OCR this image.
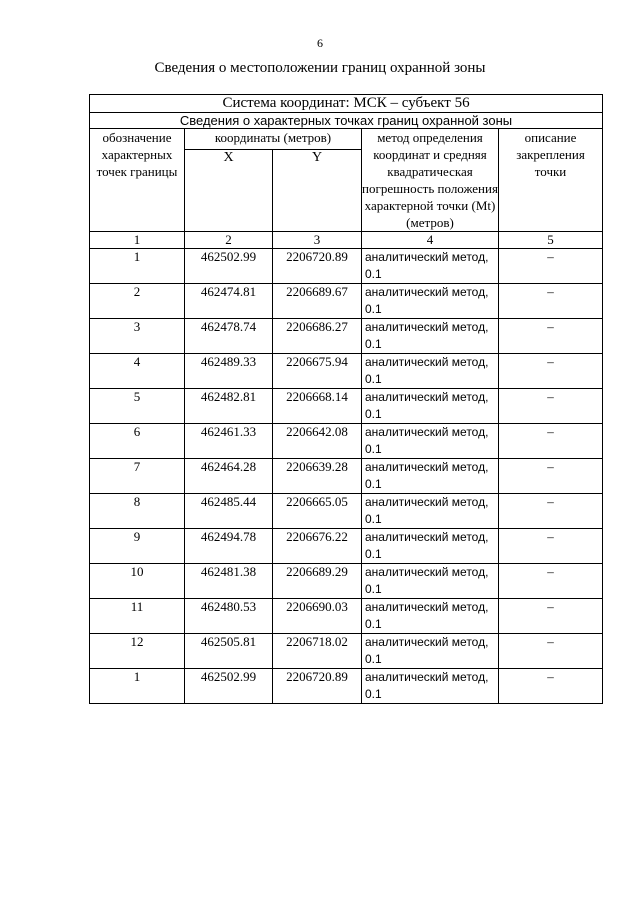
6
Сведения о местоположении границ охранной зоны
Система координат: МСК – субъект 56				
Сведения о характерных точках границ охранной зоны				
обозначение характерных точек границы	координаты (метров)		метод определения координат и средняя квадратическая погрешность положения характерной точки (Mt) (метров)	описание закрепления точки
	X	Y		
1	2	3	4	5
1	462502.99	2206720.89	аналитический метод, 0.1	–
2	462474.81	2206689.67	аналитический метод, 0.1	–
3	462478.74	2206686.27	аналитический метод, 0.1	–
4	462489.33	2206675.94	аналитический метод, 0.1	–
5	462482.81	2206668.14	аналитический метод, 0.1	–
6	462461.33	2206642.08	аналитический метод, 0.1	–
7	462464.28	2206639.28	аналитический метод, 0.1	–
8	462485.44	2206665.05	аналитический метод, 0.1	–
9	462494.78	2206676.22	аналитический метод, 0.1	–
10	462481.38	2206689.29	аналитический метод, 0.1	–
11	462480.53	2206690.03	аналитический метод, 0.1	–
12	462505.81	2206718.02	аналитический метод, 0.1	–
1	462502.99	2206720.89	аналитический метод, 0.1	–
